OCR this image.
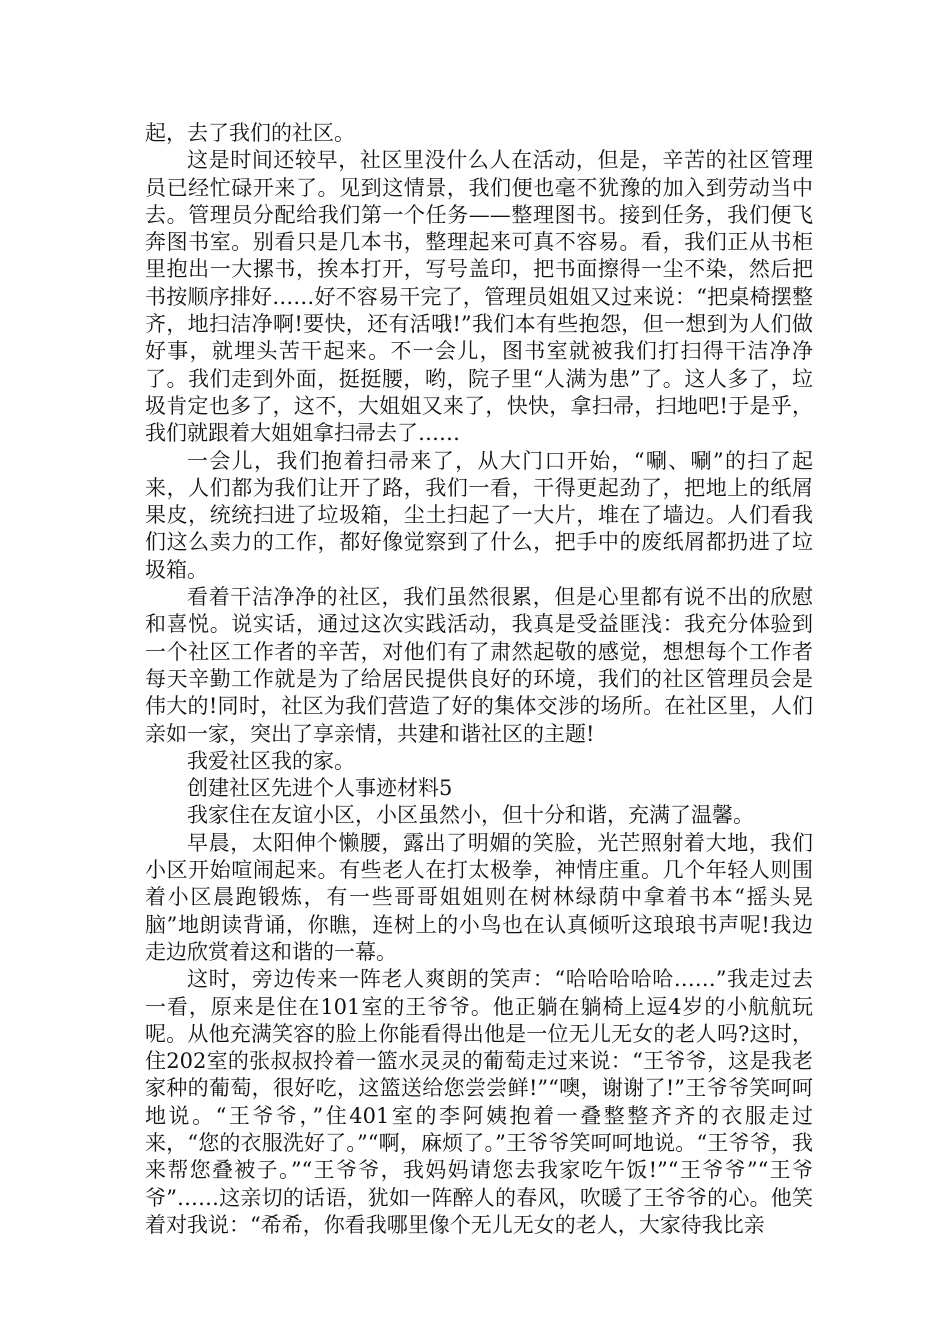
起，去了我们的社区。

这是时间还较早，社区里没什么人在活动，但是，辛苦的社区管理员已经忙碌开来了。见到这情景，我们便也毫不犹豫的加入到劳动当中去。管理员分配给我们第一个任务——整理图书。接到任务，我们便飞奔图书室。别看只是几本书，整理起来可真不容易。看，我们正从书柜里抱出一大摞书，挨本打开，写号盖印，把书面擦得一尘不染，然后把书按顺序排好……好不容易干完了，管理员姐姐又过来说：“把桌椅摆整齐，地扫洁净啊!要快，还有活哦!”我们本有些抱怨，但一想到为人们做好事，就埋头苦干起来。不一会儿，图书室就被我们打扫得干洁净净了。我们走到外面，挺挺腰，哟，院子里“人满为患”了。这人多了，垃圾肯定也多了，这不，大姐姐又来了，快快，拿扫帚，扫地吧!于是乎，我们就跟着大姐姐拿扫帚去了……

一会儿，我们抱着扫帚来了，从大门口开始，“唰、唰”的扫了起来，人们都为我们让开了路，我们一看，干得更起劲了，把地上的纸屑果皮，统统扫进了垃圾箱，尘土扫起了一大片，堆在了墙边。人们看我们这么卖力的工作，都好像觉察到了什么，把手中的废纸屑都扔进了垃圾箱。

看着干洁净净的社区，我们虽然很累，但是心里都有说不出的欣慰和喜悦。说实话，通过这次实践活动，我真是受益匪浅：我充分体验到一个社区工作者的辛苦，对他们有了肃然起敬的感觉，想想每个工作者每天辛勤工作就是为了给居民提供良好的环境，我们的社区管理员会是伟大的!同时，社区为我们营造了好的集体交涉的场所。在社区里，人们亲如一家，突出了享亲情，共建和谐社区的主题!

我爱社区我的家。

创建社区先进个人事迹材料5

我家住在友谊小区，小区虽然小，但十分和谐，充满了温馨。

早晨，太阳伸个懒腰，露出了明媚的笑脸，光芒照射着大地，我们小区开始喧闹起来。有些老人在打太极拳，神情庄重。几个年轻人则围着小区晨跑锻炼，有一些哥哥姐姐则在树林绿荫中拿着书本“摇头晃脑”地朗读背诵，你瞧，连树上的小鸟也在认真倾听这琅琅书声呢!我边走边欣赏着这和谐的一幕。

这时，旁边传来一阵老人爽朗的笑声：“哈哈哈哈哈……”我走过去一看，原来是住在101室的王爷爷。他正躺在躺椅上逗4岁的小航航玩呢。从他充满笑容的脸上你能看得出他是一位无儿无女的老人吗?这时，住202室的张叔叔拎着一篮水灵灵的葡萄走过来说：“王爷爷，这是我老家种的葡萄，很好吃，这篮送给您尝尝鲜!”“噢，谢谢了!”王爷爷笑呵呵地说。“王爷爷，”住401室的李阿姨抱着一叠整整齐齐的衣服走过来，“您的衣服洗好了。”“啊，麻烦了。”王爷爷笑呵呵地说。“王爷爷，我来帮您叠被子。”“王爷爷，我妈妈请您去我家吃午饭!”“王爷爷”“王爷爷”……这亲切的话语，犹如一阵醉人的春风，吹暖了王爷爷的心。他笑着对我说：“希希，你看我哪里像个无儿无女的老人，大家待我比亲
